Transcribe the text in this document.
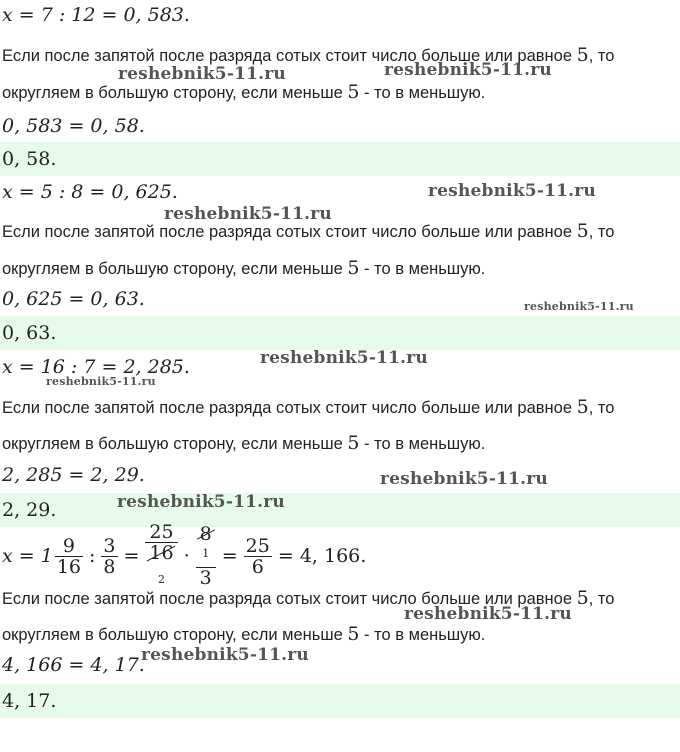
x = 7 : 12 = 0, 583.
Если после запятой после разряда сотых стоит число больше или равное 5, то
округляем в большую сторону, если меньше 5 - то в меньшую.
0, 583 = 0, 58.
0, 58.
x = 5 : 8 = 0, 625.
Если после запятой после разряда сотых стоит число больше или равное 5, то
округляем в большую сторону, если меньше 5 - то в меньшую.
0, 625 = 0, 63.
0, 63.
x = 16 : 7 = 2, 285.
Если после запятой после разряда сотых стоит число больше или равное 5, то
округляем в большую сторону, если меньше 5 - то в меньшую.
2, 285 = 2, 29.
2, 29.
$x = 1 \frac{9}{16}$ : $\frac{3}{8} = 25$
16
$_2$ · 8
$^1$
$3 = \frac{25}{6} = 4$, 166.
Если после запятой после разряда сотых стоит число больше или равное 5, то
округляем в большую сторону, если меньше 5 - то в меньшую.
4, 166 = 4, 17.
4, 17.
reshebnik5-11.ru	reshebnik5-11.ru
reshebnik5-11.ru
reshebnik5-11.ru
reshebnik5-11.ru
reshebnik5-11.ru
reshebnik5-11.ru
reshebnik5-11.ru
reshebnik5-11.ru
reshebnik5-11.ru
reshebnik5-11.ru
